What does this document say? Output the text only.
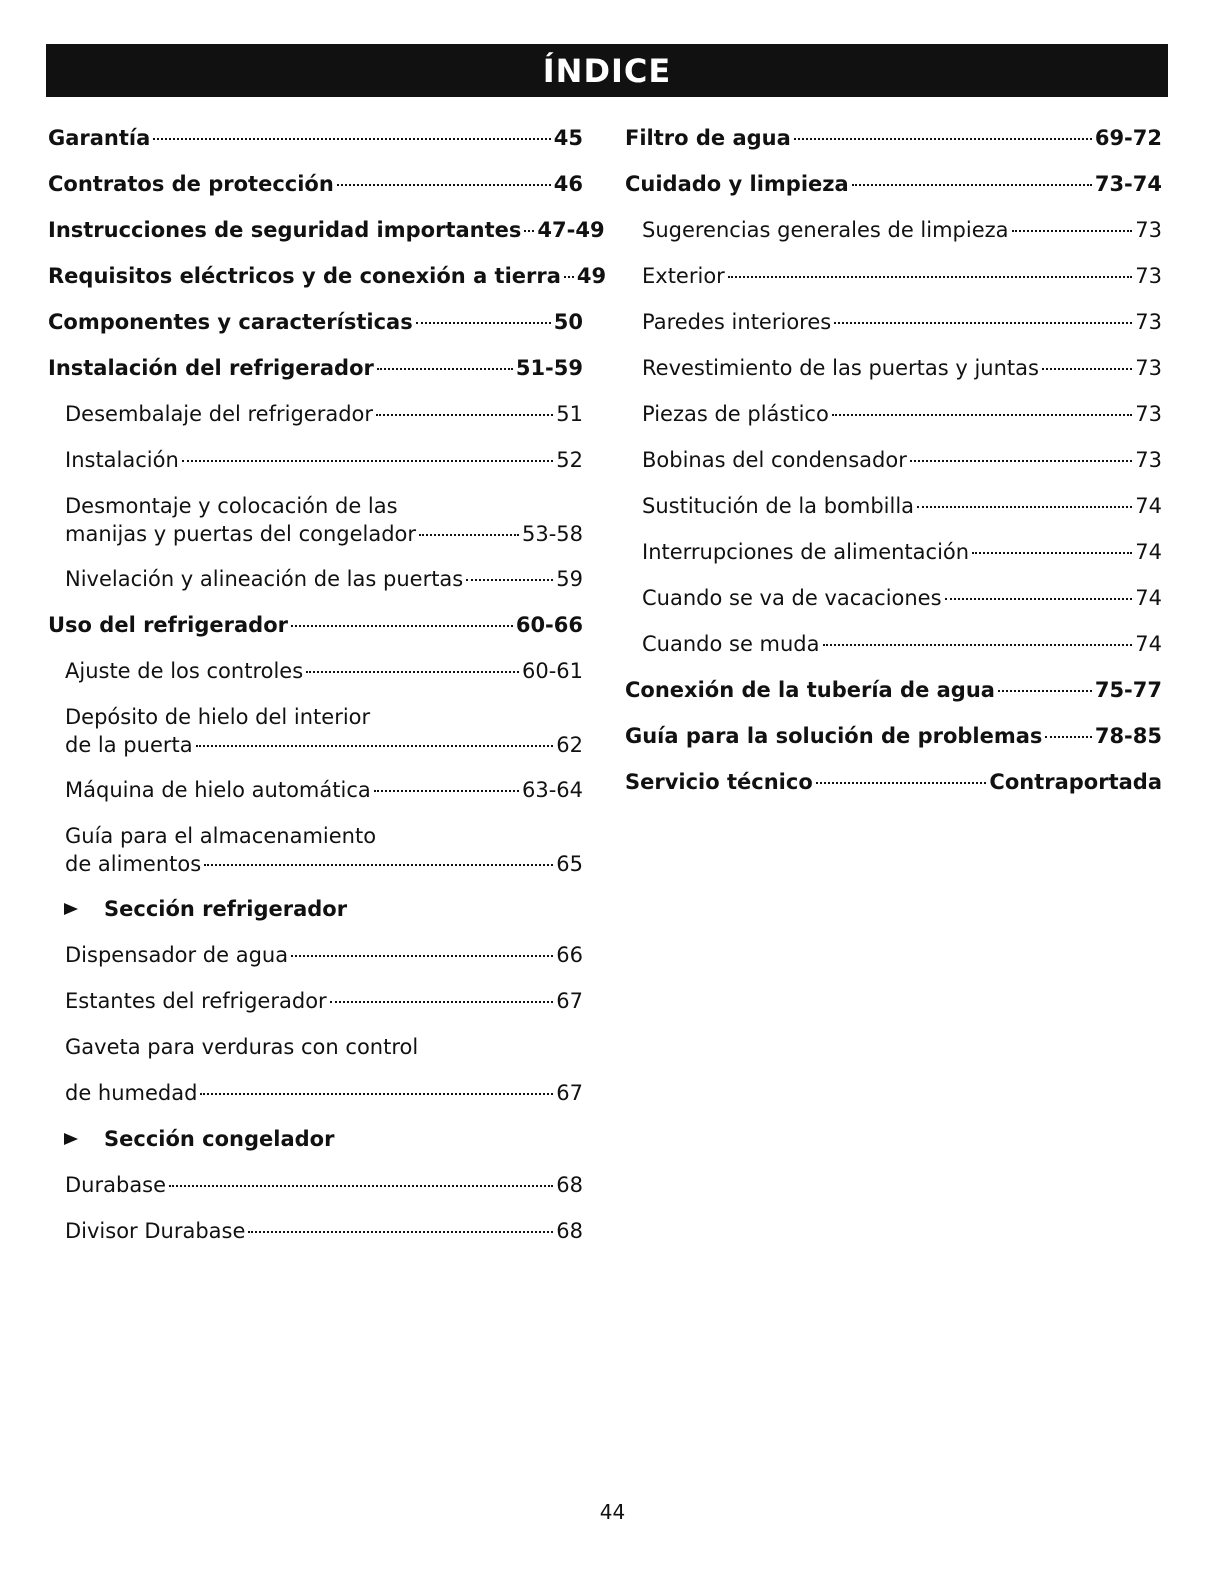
ÍNDICE
Garantía	45
Contratos de protección	46
Instrucciones de seguridad importantes 47-49
Requisitos eléctricos y de conexión a tierra 49
Componentes y características	50
Instalación del refrigerador	51-59
Desembalaje del refrigerador	51
Instalación	52
Desmontaje y colocación de las
manijas y puertas del congelador	53-58
Nivelación y alineación de las puertas	59
Uso del refrigerador	60-66
Ajuste de los controles	60-61
Depósito de hielo del interior
de la puerta	62
Máquina de hielo automática	63-64
Guía para el almacenamiento
de alimentos	65
Sección refrigerador
Dispensador de agua	66
Estantes del refrigerador	67
Gaveta para verduras con control
de humedad	67
Sección congelador
Durabase	68
Divisor Durabase	68
Filtro de agua	69-72
Cuidado y limpieza	73-74
Sugerencias generales de limpieza	73
Exterior	73
Paredes interiores	73
Revestimiento de las puertas y juntas	73
Piezas de plástico	73
Bobinas del condensador	73
Sustitución de la bombilla	74
Interrupciones de alimentación	74
Cuando se va de vacaciones	74
Cuando se muda	74
Conexión de la tubería de agua	75-77
Guía para la solución de problemas 78-85
Servicio técnico	Contraportada
44
